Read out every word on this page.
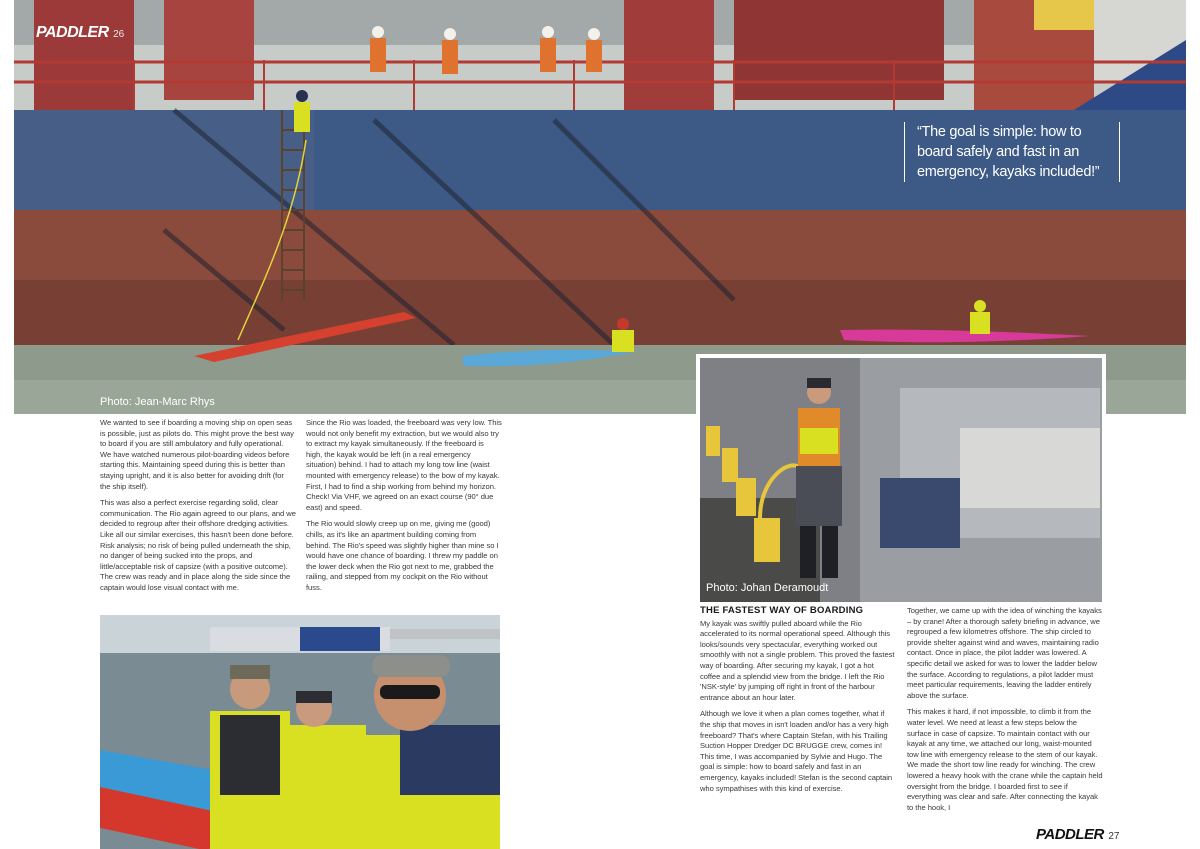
PADDLER 26
“The goal is simple: how to board safely and fast in an emergency, kayaks included!”
Photo: Jean-Marc Rhys
Photo: Johan Deramoudt

We wanted to see if boarding a moving ship on open seas is possible, just as pilots do. This might prove the best way to board if you are still ambulatory and fully operational. We have watched numerous pilot-boarding videos before starting this. Maintaining speed during this is better than staying upright, and it is also better for avoiding drift (for the ship itself).

This was also a perfect exercise regarding solid, clear communication. The Rio again agreed to our plans, and we decided to regroup after their offshore dredging activities. Like all our similar exercises, this hasn't been done before. Risk analysis; no risk of being pulled underneath the ship, no danger of being sucked into the props, and little/acceptable risk of capsize (with a positive outcome). The crew was ready and in place along the side since the captain would lose visual contact with me.

Since the Rio was loaded, the freeboard was very low. This would not only benefit my extraction, but we would also try to extract my kayak simultaneously. If the freeboard is high, the kayak would be left (in a real emergency situation) behind. I had to attach my long tow line (waist mounted with emergency release) to the bow of my kayak. First, I had to find a ship working from behind my horizon. Check! Via VHF, we agreed on an exact course (90° due east) and speed.

The Rio would slowly creep up on me, giving me (good) chills, as it's like an apartment building coming from behind. The Rio's speed was slightly higher than mine so I would have one chance of boarding. I threw my paddle on the lower deck when the Rio got next to me, grabbed the railing, and stepped from my cockpit on the Rio without fuss.

THE FASTEST WAY OF BOARDING

My kayak was swiftly pulled aboard while the Rio accelerated to its normal operational speed. Although this looks/sounds very spectacular, everything worked out smoothly with not a single problem. This proved the fastest way of boarding. After securing my kayak, I got a hot coffee and a splendid view from the bridge. I left the Rio 'NSK-style' by jumping off right in front of the harbour entrance about an hour later.

Although we love it when a plan comes together, what if the ship that moves in isn't loaden and/or has a very high freeboard? That's where Captain Stefan, with his Trailing Suction Hopper Dredger DC BRUGGE crew, comes in! This time, I was accompanied by Sylvie and Hugo. The goal is simple: how to board safely and fast in an emergency, kayaks included! Stefan is the second captain who sympathises with this kind of exercise.

Together, we came up with the idea of winching the kayaks – by crane! After a thorough safety briefing in advance, we regrouped a few kilometres offshore. The ship circled to provide shelter against wind and waves, maintaining radio contact. Once in place, the pilot ladder was lowered. A specific detail we asked for was to lower the ladder below the surface. According to regulations, a pilot ladder must meet particular requirements, leaving the ladder entirely above the surface.

This makes it hard, if not impossible, to climb it from the water level. We need at least a few steps below the surface in case of capsize. To maintain contact with our kayak at any time, we attached our long, waist-mounted tow line with emergency release to the stem of our kayak. We made the short tow line ready for winching. The crew lowered a heavy hook with the crane while the captain held oversight from the bridge. I boarded first to see if everything was clear and safe. After connecting the kayak to the hook, I

PADDLER 27
